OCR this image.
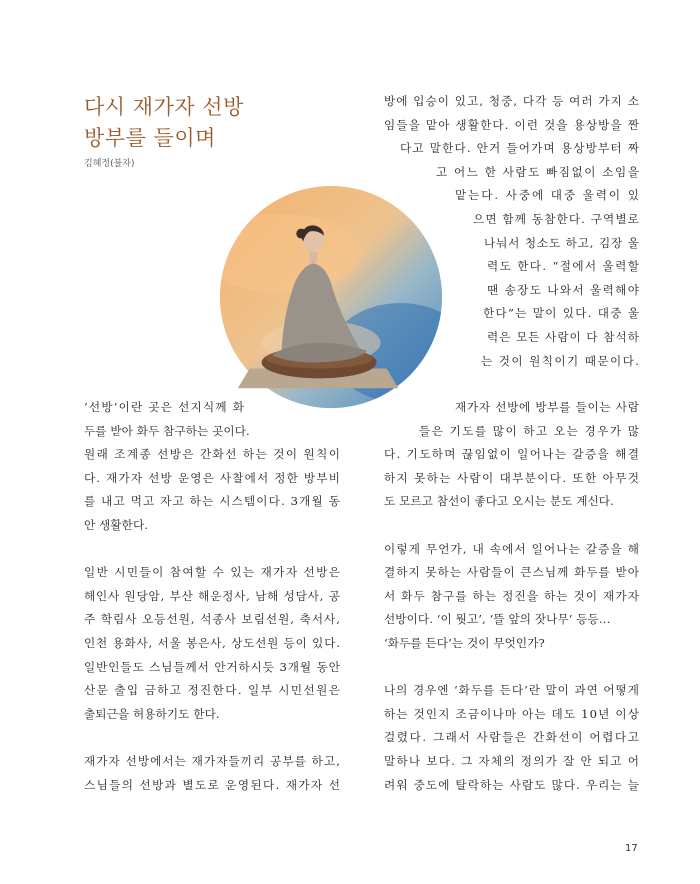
다시 재가자 선방
방부를 들이며
김혜정(불자)
방에 입승이 있고, 청중, 다각 등 여러 가지 소
임들을 맡아 생활한다. 이런 것을 용상방을 짠
다고 말한다. 안거 들어가며 용상방부터 짜
고 어느 한 사람도 빠짐없이 소임을
맡는다. 사중에 대중 울력이 있
으면 함께 동참한다. 구역별로
나눠서 청소도 하고, 김장 울
력도 한다. “절에서 울력할
땐 송장도 나와서 울력해야
한다”는 말이 있다. 대중 울
력은 모든 사람이 다 참석하
는 것이 원칙이기 때문이다.
‘선방’이란 곳은 선지식께 화
두를 받아 화두 참구하는 곳이다.
원래 조계종 선방은 간화선 하는 것이 원칙이
다. 재가자 선방 운영은 사찰에서 정한 방부비
를 내고 먹고 자고 하는 시스템이다. 3개월 동
안 생활한다.
일반 시민들이 참여할 수 있는 재가자 선방은
해인사 원당암, 부산 해운정사, 남해 성담사, 공
주 학림사 오등선원, 석종사 보림선원, 축서사,
인천 용화사, 서울 봉은사, 상도선원 등이 있다.
일반인들도 스님들께서 안거하시듯 3개월 동안
산문 출입 금하고 정진한다. 일부 시민선원은
출퇴근을 허용하기도 한다.
재가자 선방에서는 재가자들끼리 공부를 하고,
스님들의 선방과 별도로 운영된다. 재가자 선
재가자 선방에 방부를 들이는 사람
들은 기도를 많이 하고 오는 경우가 많
다. 기도하며 끊임없이 일어나는 갈증을 해결
하지 못하는 사람이 대부분이다. 또한 아무것
도 모르고 참선이 좋다고 오시는 분도 계신다.
이렇게 무언가, 내 속에서 일어나는 갈증을 해
결하지 못하는 사람들이 큰스님께 화두를 받아
서 화두 참구를 하는 정진을 하는 것이 재가자
선방이다. ‘이 뭣고’, ‘뜰 앞의 잣나무’ 등등…
‘화두를 든다’는 것이 무엇인가?
나의 경우엔 ‘화두를 든다’란 말이 과연 어떻게
하는 것인지 조금이나마 아는 데도 10년 이상
걸렸다. 그래서 사람들은 간화선이 어렵다고
말하나 보다. 그 자체의 정의가 잘 안 되고 어
려워 중도에 탈락하는 사람도 많다. 우리는 늘
17
